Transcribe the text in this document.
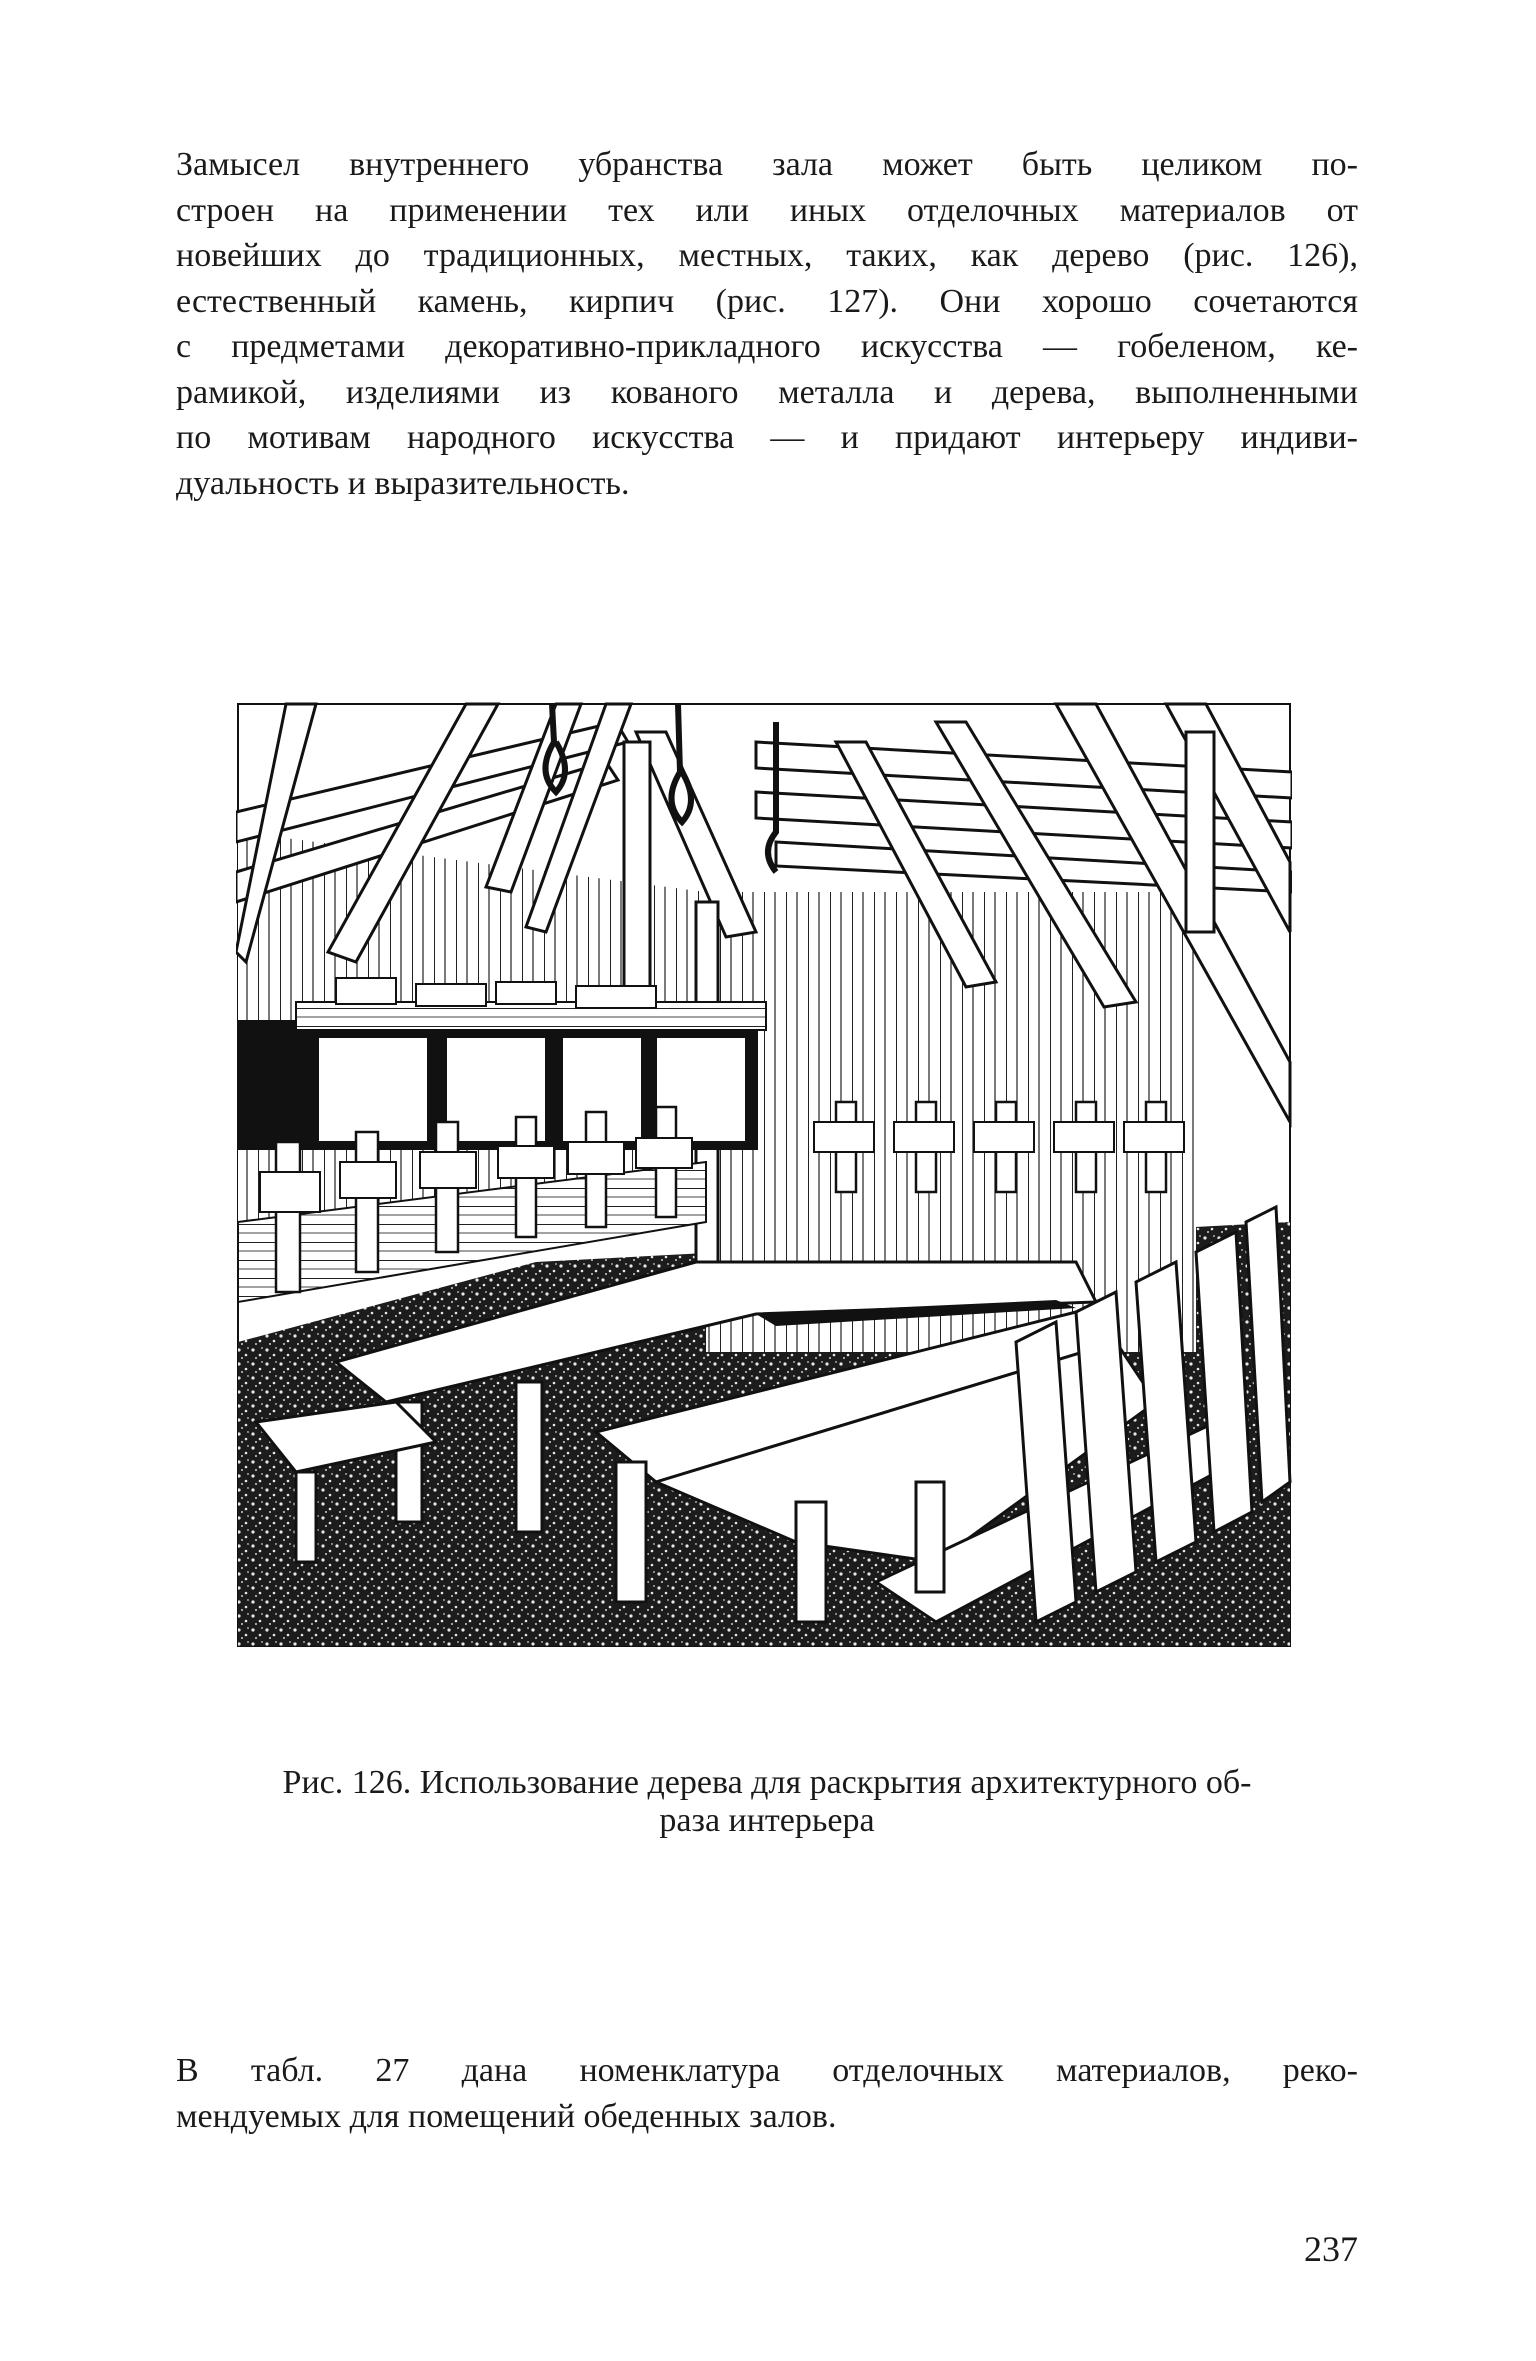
Замысел внутреннего убранства зала может быть целиком по-
строен на применении тех или иных отделочных материалов от
новейших до традиционных, местных, таких, как дерево (рис. 126),
естественный камень, кирпич (рис. 127). Они хорошо сочетаются
с предметами декоративно-прикладного искусства — гобеленом, ке-
рамикой, изделиями из кованого металла и дерева, выполненными
по мотивам народного искусства — и придают интерьеру индиви-
дуальность и выразительность.
Рис. 126. Использование дерева для раскрытия архитектурного об-
раза интерьера
В табл. 27 дана номенклатура отделочных материалов, реко-
мендуемых для помещений обеденных залов.
237
